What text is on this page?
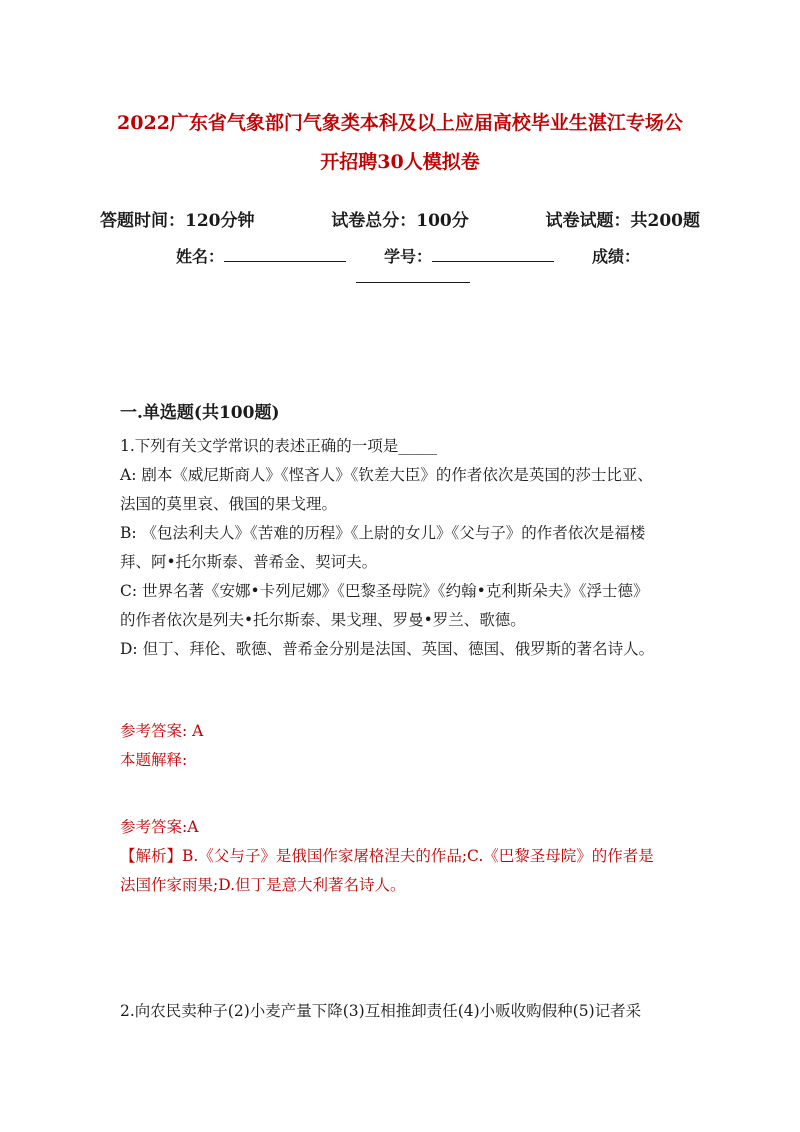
2022广东省气象部门气象类本科及以上应届高校毕业生湛江专场公
开招聘30人模拟卷
答题时间：120分钟	试卷总分：100分	试卷试题：共200题
姓名：	学号：	成绩：
一.单选题(共100题)
1.下列有关文学常识的表述正确的一项是_____
A: 剧本《威尼斯商人》《悭吝人》《钦差大臣》的作者依次是英国的莎士比亚、
法国的莫里哀、俄国的果戈理。
B: 《包法利夫人》《苦难的历程》《上尉的女儿》《父与子》的作者依次是福楼
拜、阿•托尔斯泰、普希金、契诃夫。
C: 世界名著《安娜•卡列尼娜》《巴黎圣母院》《约翰•克利斯朵夫》《浮士德》
的作者依次是列夫•托尔斯泰、果戈理、罗曼•罗兰、歌德。
D: 但丁、拜伦、歌德、普希金分别是法国、英国、德国、俄罗斯的著名诗人。
参考答案: A
本题解释:
参考答案:A
【解析】B.《父与子》是俄国作家屠格涅夫的作品;C.《巴黎圣母院》的作者是
法国作家雨果;D.但丁是意大利著名诗人。
2.向农民卖种子(2)小麦产量下降(3)互相推卸责任(4)小贩收购假种(5)记者采
